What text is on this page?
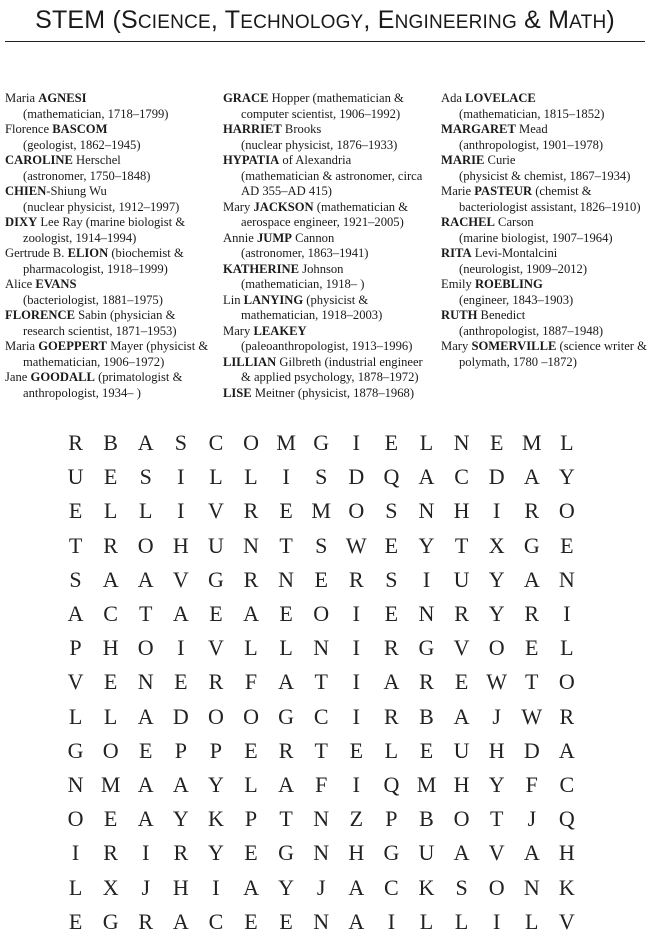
STEM (SCIENCE, TECHNOLOGY, ENGINEERING & MATH)
Maria AGNESI
(mathematician, 1718–1799)
Florence BASCOM
(geologist, 1862–1945)
CAROLINE Herschel
(astronomer, 1750–1848)
CHIEN-Shiung Wu
(nuclear physicist, 1912–1997)
DIXY Lee Ray (marine biologist &
zoologist, 1914–1994)
Gertrude B. ELION (biochemist &
pharmacologist, 1918–1999)
Alice EVANS
(bacteriologist, 1881–1975)
FLORENCE Sabin (physician &
research scientist, 1871–1953)
Maria GOEPPERT Mayer (physicist &
mathematician, 1906–1972)
Jane GOODALL (primatologist &
anthropologist, 1934– )
GRACE Hopper (mathematician &
computer scientist, 1906–1992)
HARRIET Brooks
(nuclear physicist, 1876–1933)
HYPATIA of Alexandria
(mathematician & astronomer, circa
AD 355–AD 415)
Mary JACKSON (mathematician &
aerospace engineer, 1921–2005)
Annie JUMP Cannon
(astronomer, 1863–1941)
KATHERINE Johnson
(mathematician, 1918– )
Lin LANYING (physicist &
mathematician, 1918–2003)
Mary LEAKEY
(paleoanthropologist, 1913–1996)
LILLIAN Gilbreth (industrial engineer
& applied psychology, 1878–1972)
LISE Meitner (physicist, 1878–1968)
Ada LOVELACE
(mathematician, 1815–1852)
MARGARET Mead
(anthropologist, 1901–1978)
MARIE Curie
(physicist & chemist, 1867–1934)
Marie PASTEUR (chemist &
bacteriologist assistant, 1826–1910)
RACHEL Carson
(marine biologist, 1907–1964)
RITA Levi-Montalcini
(neurologist, 1909–2012)
Emily ROEBLING
(engineer, 1843–1903)
RUTH Benedict
(anthropologist, 1887–1948)
Mary SOMERVILLE (science writer &
polymath, 1780 –1872)
R B A S C O M G	I	E L N E M L
U E	S	I	L L	I	S D Q A C D A Y
E L L	I	V R E M O S N H	I	R O
T R O H U N T	S W E Y T X G E
S A A V G R N E R S	I	U Y A N
A C T A E A E O	I	E N R Y R	I
P H O	I	V L L N	I	R G V O E L
V E N E R F A T	I	A R E W T O
L L A D O O G C	I	R B A	J W R
G O E	P	P	E R T E L E U H D A
N M A A Y L A F	I	Q M H Y F C
O E A Y K P	T N Z	P B O T	J	Q
I	R	I	R Y E G N H G U A V A H
L X	J	H	I	A Y	J	A C K S O N K
E G R A C E E N A	I	L L	I	L V
